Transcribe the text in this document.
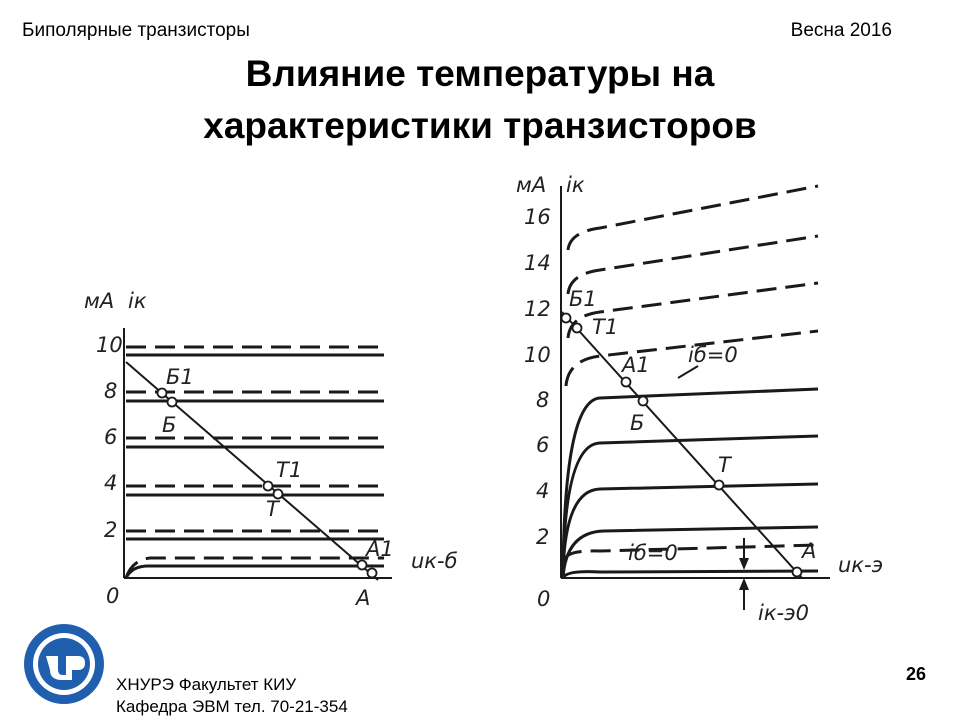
Биполярные транзисторы	Весна 2016
Влияние температуры на
характеристики транзисторов
мА iк
0
uк-б
10
8
6
4
2
Б1
Б
T1
T
A1
A
мА iк
0
uк-э
16
14
12
10
8
6
4
2
Б1
T1
A1
Б
T
A
iб=0
iб=0
iк-э0
ХНУРЭ Факультет КИУ
Кафедра ЭВМ тел. 70-21-354
26
